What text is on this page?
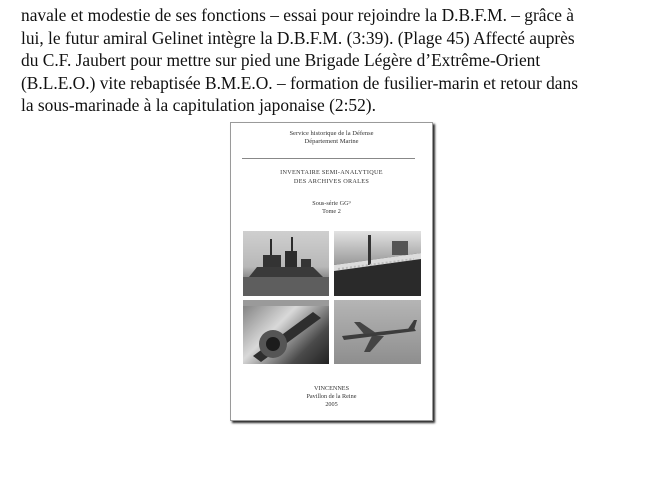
navale et modestie de ses fonctions – essai pour rejoindre la D.B.F.M. – grâce à
lui, le futur amiral Gelinet intègre la D.B.F.M. (3:39). (Plage 45) Affecté auprès
du C.F. Jaubert pour mettre sur pied une Brigade Légère d’Extrême-Orient
(B.L.E.O.) vite rebaptisée B.M.E.O. – formation de fusilier-marin et retour dans
la sous-marinade à la capitulation japonaise (2:52).
Service historique de la Défense
Département Marine
INVENTAIRE SEMI-ANALYTIQUE
DES ARCHIVES ORALES
Sous-série GG⁹
Tome 2
VINCENNES
Pavillon de la Reine
2005
